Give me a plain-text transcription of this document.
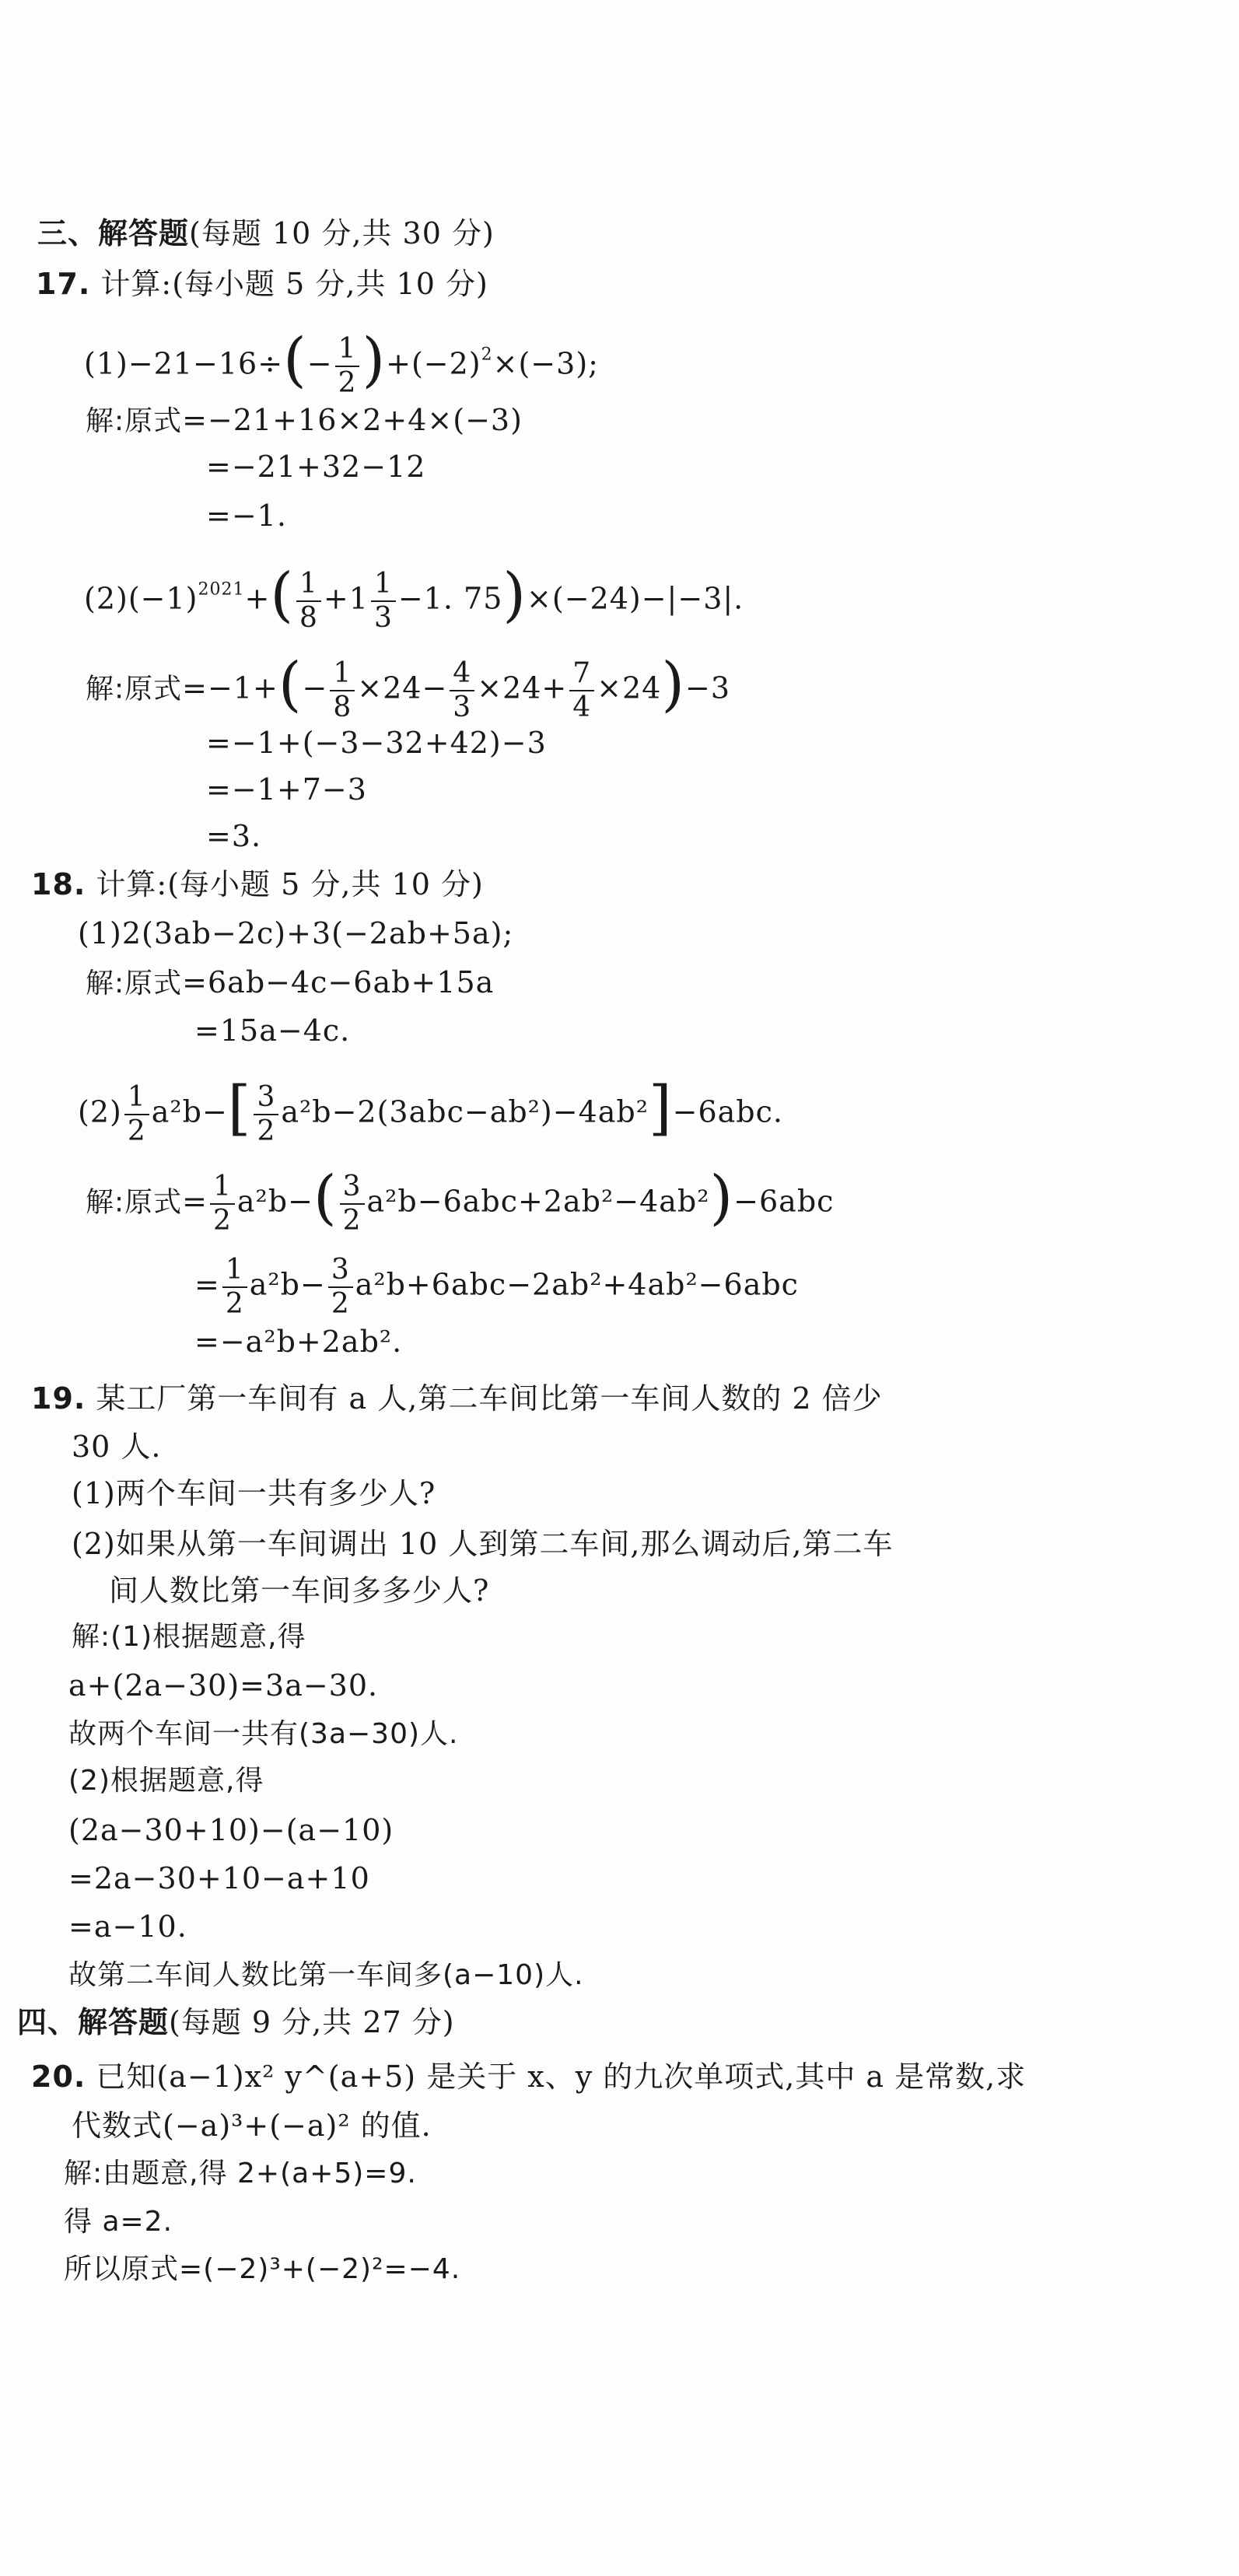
三、解答题(每题 10 分,共 30 分)
17. 计算:(每小题 5 分,共 10 分)
$(1)-21-16\div(- \frac{1}{2} )+(-2)^2\times(-3)$;
解:原式=−21+16×2+4×(−3)
=−21+32−12
=−1.
$(2)(-1)^{2021}+( \frac{1}{8} +1 \frac{1}{3} -1$. 75)×(−24)−|−3|.
解:原式$=-1+(- \frac{1}{8} \times 24- \frac{4}{3} \times 24+ \frac{7}{4} \times 24)-3$
=−1+(−3−32+42)−3
=−1+7−3
=3.
18. 计算:(每小题 5 分,共 10 分)
(1)2(3ab−2c)+3(−2ab+5a);
解:原式=6ab−4c−6ab+15a
=15a−4c.
$(2) \frac{1}{2} a^2b-[ \frac{3}{2} a^2b-2(3abc-ab^2)-4ab^2]-6abc$.
解:原式= $\frac{1}{2} a^2b-( \frac{3}{2} a^2b-6abc+2ab^2-4ab^2)-6abc$
= $\frac{1}{2} a^2b- \frac{3}{2} a^2b+6abc-2ab^2+4ab^2-6abc$
=−a²b+2ab².
19. 某工厂第一车间有 a 人,第二车间比第一车间人数的 2 倍少
30 人.
(1)两个车间一共有多少人?
(2)如果从第一车间调出 10 人到第二车间,那么调动后,第二车
间人数比第一车间多多少人?
解:(1)根据题意,得
a+(2a−30)=3a−30.
故两个车间一共有(3a−30)人.
(2)根据题意,得
(2a−30+10)−(a−10)
=2a−30+10−a+10
=a−10.
故第二车间人数比第一车间多(a−10)人.
四、解答题(每题 9 分,共 27 分)
20. 已知(a−1)x² y^(a+5) 是关于 x、y 的九次单项式,其中 a 是常数,求
代数式(−a)³+(−a)² 的值.
解:由题意,得 2+(a+5)=9.
得 a=2.
所以原式=(−2)³+(−2)²=−4.
